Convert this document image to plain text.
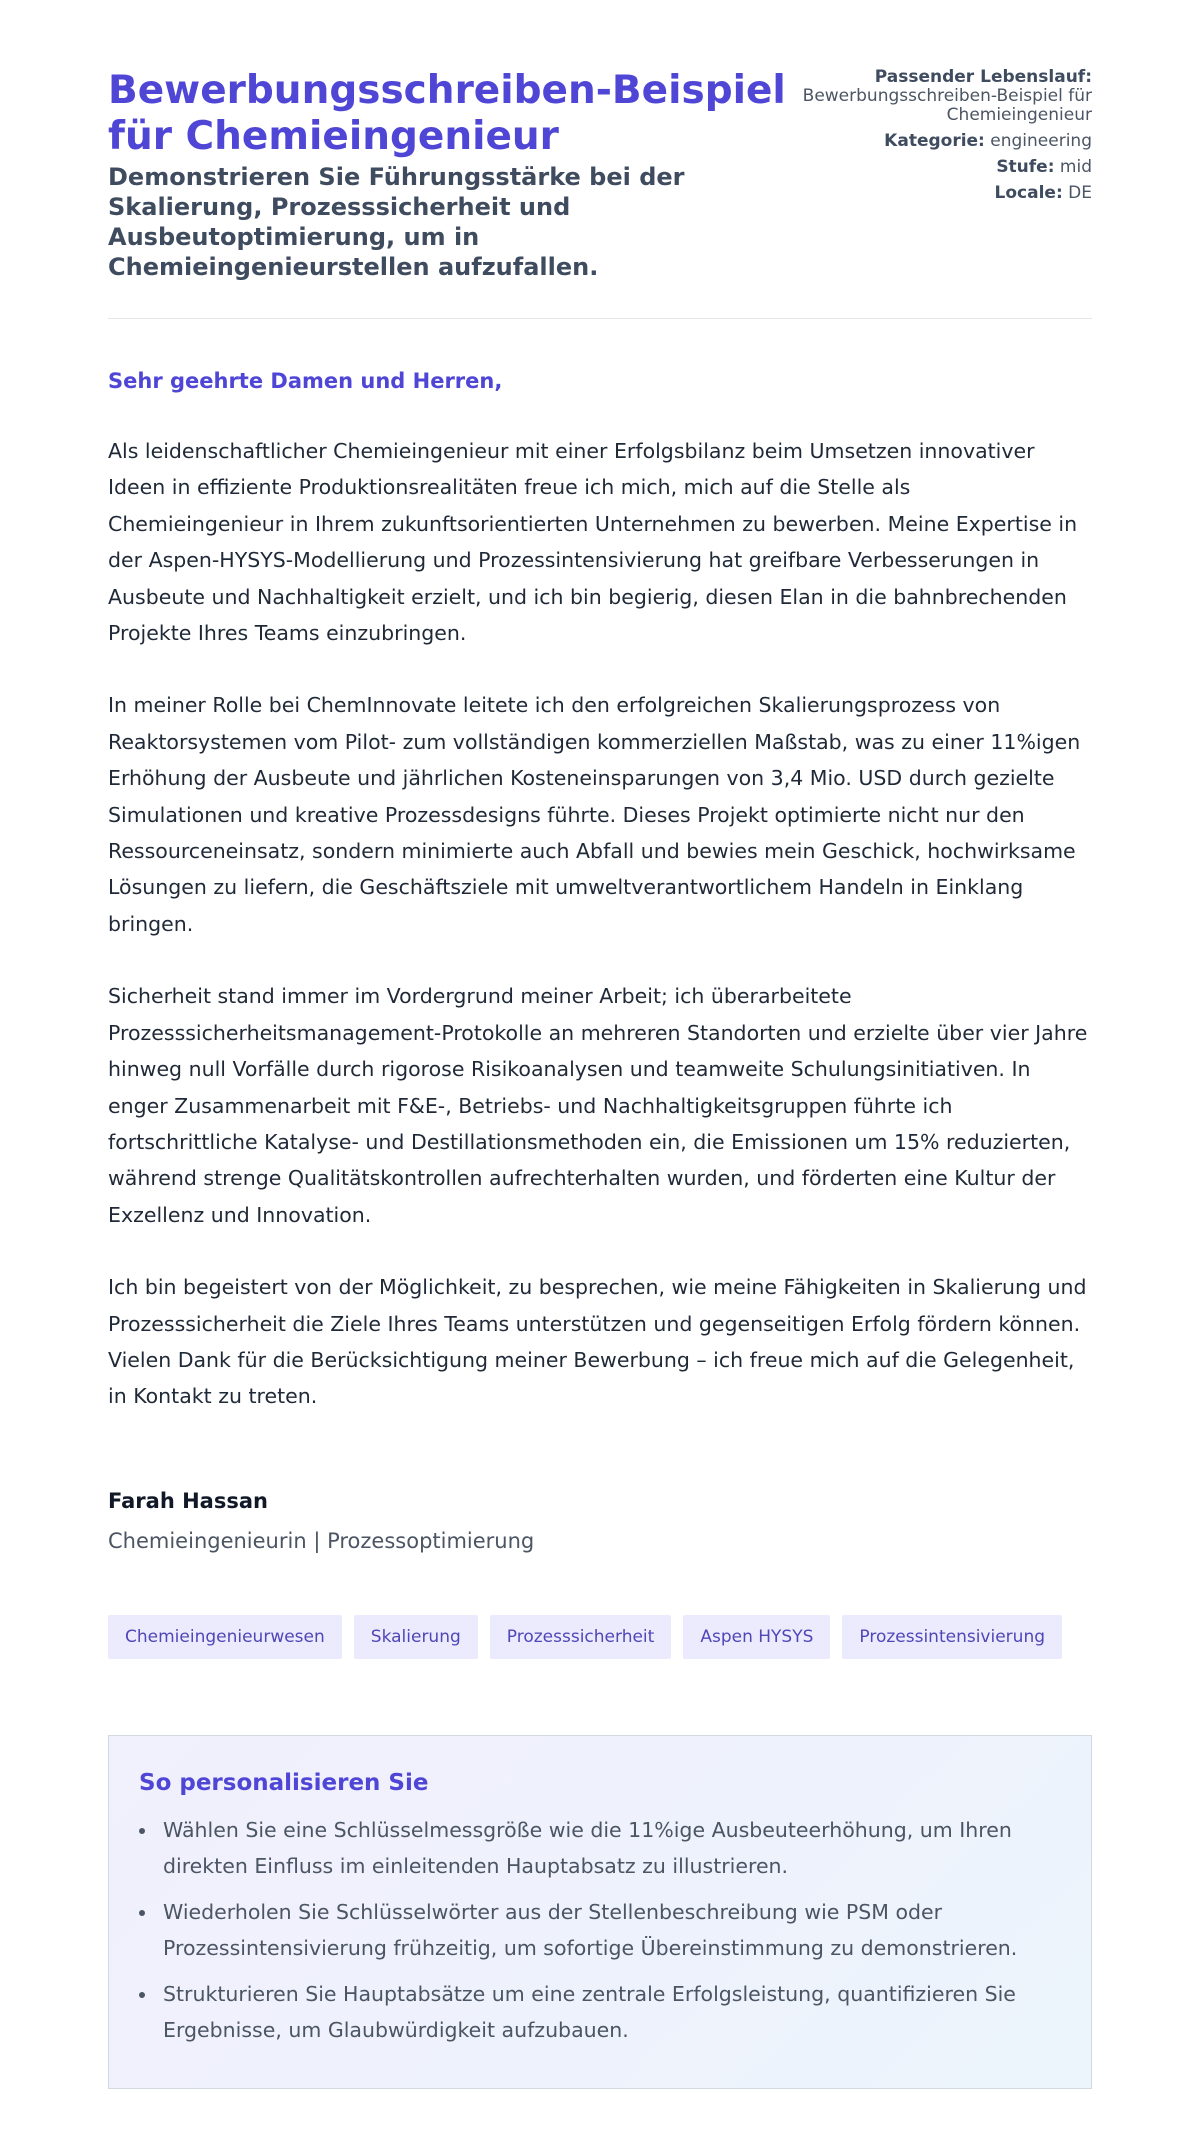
Bewerbungsschreiben-Beispiel für Chemieingenieur
Demonstrieren Sie Führungsstärke bei der Skalierung, Prozesssicherheit und Ausbeutoptimierung, um in Chemieingenieurstellen aufzufallen.
Passender Lebenslauf:
Bewerbungsschreiben-Beispiel für Chemieingenieur
Kategorie: engineering
Stufe: mid
Locale: DE

Sehr geehrte Damen und Herren,

Als leidenschaftlicher Chemieingenieur mit einer Erfolgsbilanz beim Umsetzen innovativer Ideen in effiziente Produktionsrealitäten freue ich mich, mich auf die Stelle als Chemieingenieur in Ihrem zukunftsorientierten Unternehmen zu bewerben. Meine Expertise in der Aspen-HYSYS-Modellierung und Prozessintensivierung hat greifbare Verbesserungen in Ausbeute und Nachhaltigkeit erzielt, und ich bin begierig, diesen Elan in die bahnbrechenden Projekte Ihres Teams einzubringen.

In meiner Rolle bei ChemInnovate leitete ich den erfolgreichen Skalierungsprozess von Reaktorsystemen vom Pilot- zum vollständigen kommerziellen Maßstab, was zu einer 11%igen Erhöhung der Ausbeute und jährlichen Kosteneinsparungen von 3,4 Mio. USD durch gezielte Simulationen und kreative Prozessdesigns führte. Dieses Projekt optimierte nicht nur den Ressourceneinsatz, sondern minimierte auch Abfall und bewies mein Geschick, hochwirksame Lösungen zu liefern, die Geschäftsziele mit umweltverantwortlichem Handeln in Einklang bringen.

Sicherheit stand immer im Vordergrund meiner Arbeit; ich überarbeitete Prozesssicherheitsmanagement-Protokolle an mehreren Standorten und erzielte über vier Jahre hinweg null Vorfälle durch rigorose Risikoanalysen und teamweite Schulungsinitiativen. In enger Zusammenarbeit mit F&E-, Betriebs- und Nachhaltigkeitsgruppen führte ich fortschrittliche Katalyse- und Destillationsmethoden ein, die Emissionen um 15% reduzierten, während strenge Qualitätskontrollen aufrechterhalten wurden, und förderten eine Kultur der Exzellenz und Innovation.

Ich bin begeistert von der Möglichkeit, zu besprechen, wie meine Fähigkeiten in Skalierung und Prozesssicherheit die Ziele Ihres Teams unterstützen und gegenseitigen Erfolg fördern können. Vielen Dank für die Berücksichtigung meiner Bewerbung – ich freue mich auf die Gelegenheit, in Kontakt zu treten.

Farah Hassan

Chemieingenieurin | Prozessoptimierung

Chemieingenieurwesen	Skalierung	Prozesssicherheit	Aspen HYSYS	Prozessintensivierung
So personalisieren Sie
Wählen Sie eine Schlüsselmessgröße wie die 11%ige Ausbeuteerhöhung, um Ihren direkten Einfluss im einleitenden Hauptabsatz zu illustrieren.
Wiederholen Sie Schlüsselwörter aus der Stellenbeschreibung wie PSM oder Prozessintensivierung frühzeitig, um sofortige Übereinstimmung zu demonstrieren.
Strukturieren Sie Hauptabsätze um eine zentrale Erfolgsleistung, quantifizieren Sie Ergebnisse, um Glaubwürdigkeit aufzubauen.
